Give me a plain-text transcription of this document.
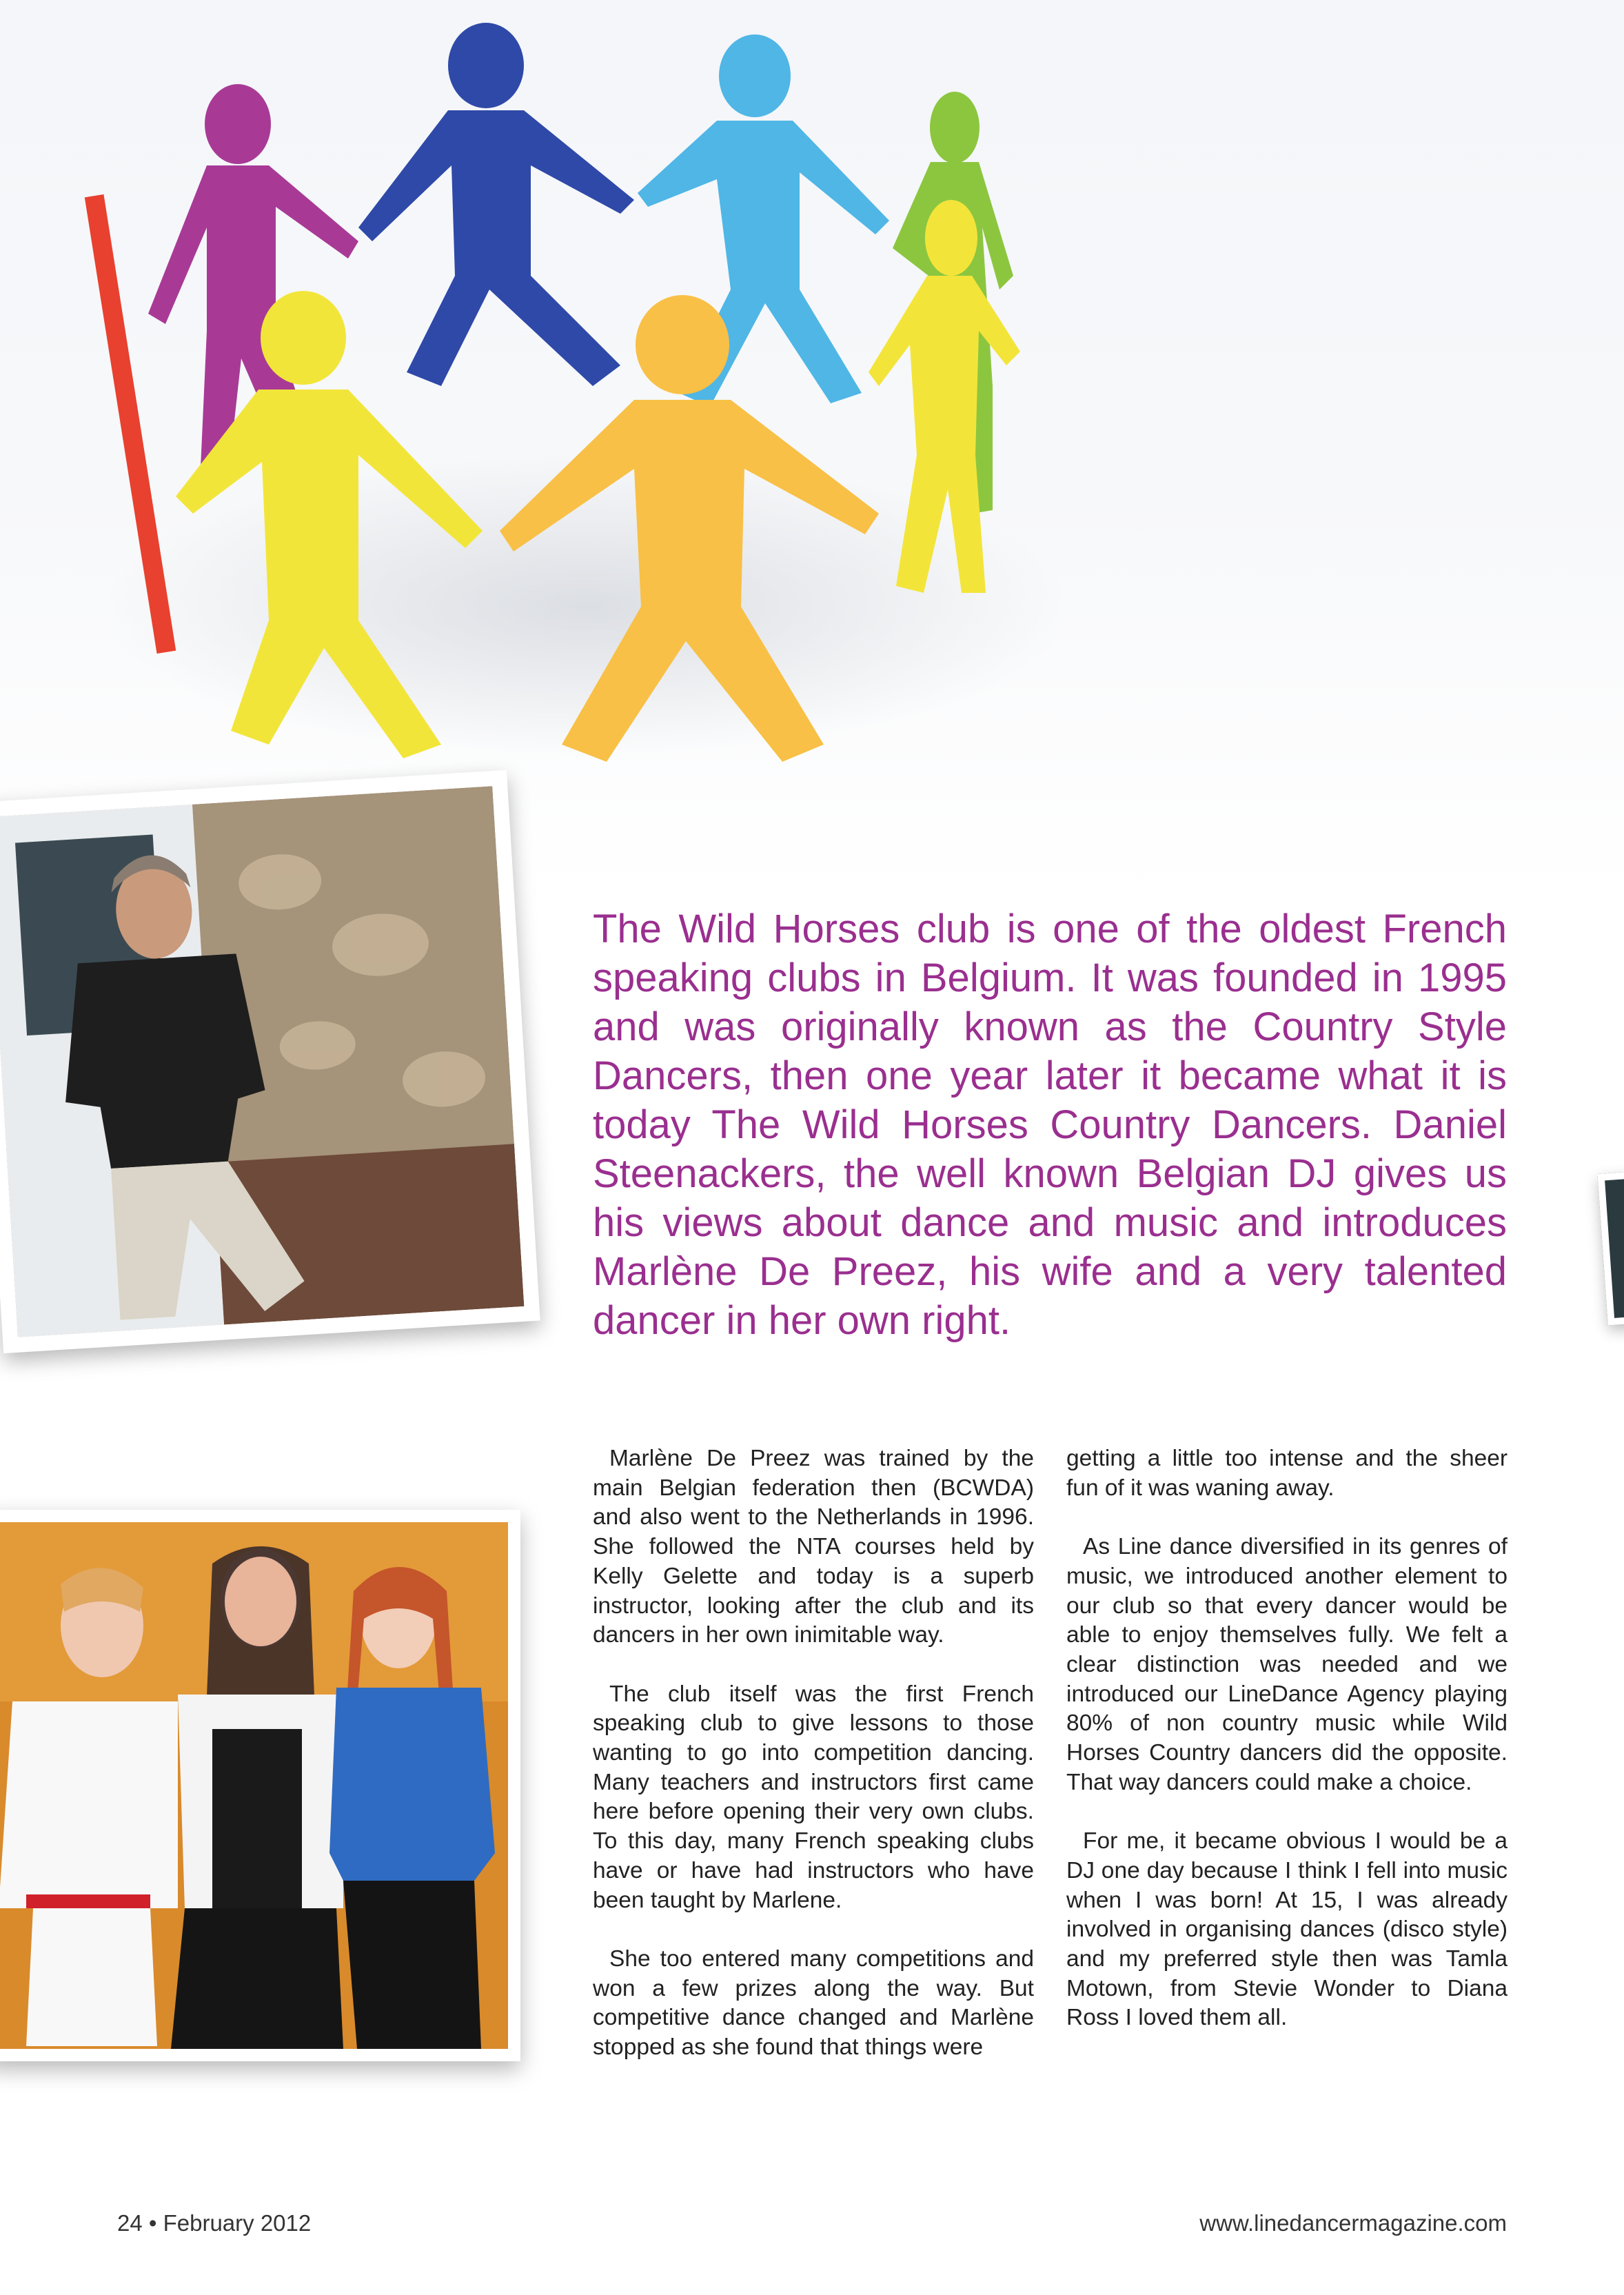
The Wild Horses club is one of the oldest French speaking clubs in Belgium. It was founded in 1995 and was originally known as the Country Style Dancers, then one year later it became what it is today The Wild Horses Country Dancers. Daniel Steenackers, the well known Belgian DJ gives us his views about dance and music and introduces Marlène De Preez, his wife and a very talented dancer in her own right.

Marlène De Preez was trained by the main Belgian federation then (BCWDA) and also went to the Netherlands in 1996. She followed the NTA courses held by Kelly Gelette and today is a superb instructor, looking after the club and its dancers in her own inimitable way.

The club itself was the first French speaking club to give lessons to those wanting to go into competition dancing. Many teachers and instructors first came here before opening their very own clubs. To this day, many French speaking clubs have or have had instructors who have been taught by Marlene.

She too entered many competitions and won a few prizes along the way. But competitive dance changed and Marlène stopped as she found that things were

getting a little too intense and the sheer fun of it was waning away.

As Line dance diversified in its genres of music, we introduced another element to our club so that every dancer would be able to enjoy themselves fully. We felt a clear distinction was needed and we introduced our LineDance Agency playing 80% of non country music while Wild Horses Country dancers did the opposite. That way dancers could make a choice.

For me, it became obvious I would be a DJ one day because I think I fell into music when I was born! At 15, I was already involved in organising dances (disco style) and my preferred style then was Tamla Motown, from Stevie Wonder to Diana Ross I loved them all.

24 • February 2012	www.linedancermagazine.com
